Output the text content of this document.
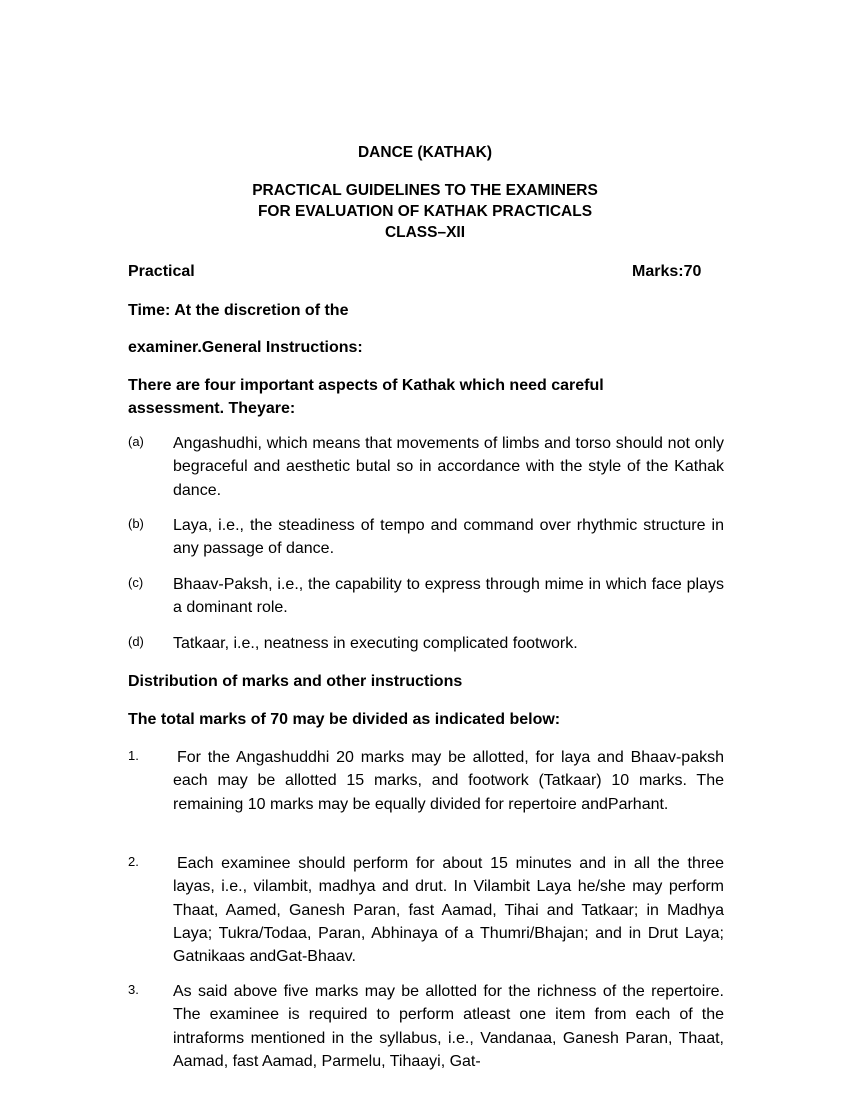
DANCE (KATHAK)
PRACTICAL GUIDELINES TO THE EXAMINERS
FOR EVALUATION OF KATHAK PRACTICALS
CLASS–XII
Practical	Marks:70
Time: At the discretion of the
examiner.General Instructions:
There are four important aspects of Kathak which need careful assessment. Theyare:
(a) Angashudhi, which means that movements of limbs and torso should not only begraceful and aesthetic butal so in accordance with the style of the Kathak dance.
(b) Laya, i.e., the steadiness of tempo and command over rhythmic structure in any passage of dance.
(c) Bhaav-Paksh, i.e., the capability to express through mime in which face plays a dominant role.
(d) Tatkaar, i.e., neatness in executing complicated footwork.
Distribution of marks and other instructions
The total marks of 70 may be divided as indicated below:
1. For the Angashuddhi 20 marks may be allotted, for laya and Bhaav-paksh each may be allotted 15 marks, and footwork (Tatkaar) 10 marks. The remaining 10 marks may be equally divided for repertoire andParhant.
2. Each examinee should perform for about 15 minutes and in all the three layas, i.e., vilambit, madhya and drut. In Vilambit Laya he/she may perform Thaat, Aamed, Ganesh Paran, fast Aamad, Tihai and Tatkaar; in Madhya Laya; Tukra/Todaa, Paran, Abhinaya of a Thumri/Bhajan; and in Drut Laya; Gatnikaas andGat-Bhaav.
3. As said above five marks may be allotted for the richness of the repertoire. The examinee is required to perform atleast one item from each of the intraforms mentioned in the syllabus, i.e., Vandanaa, Ganesh Paran, Thaat, Aamad, fast Aamad, Parmelu, Tihaayi, Gat-
